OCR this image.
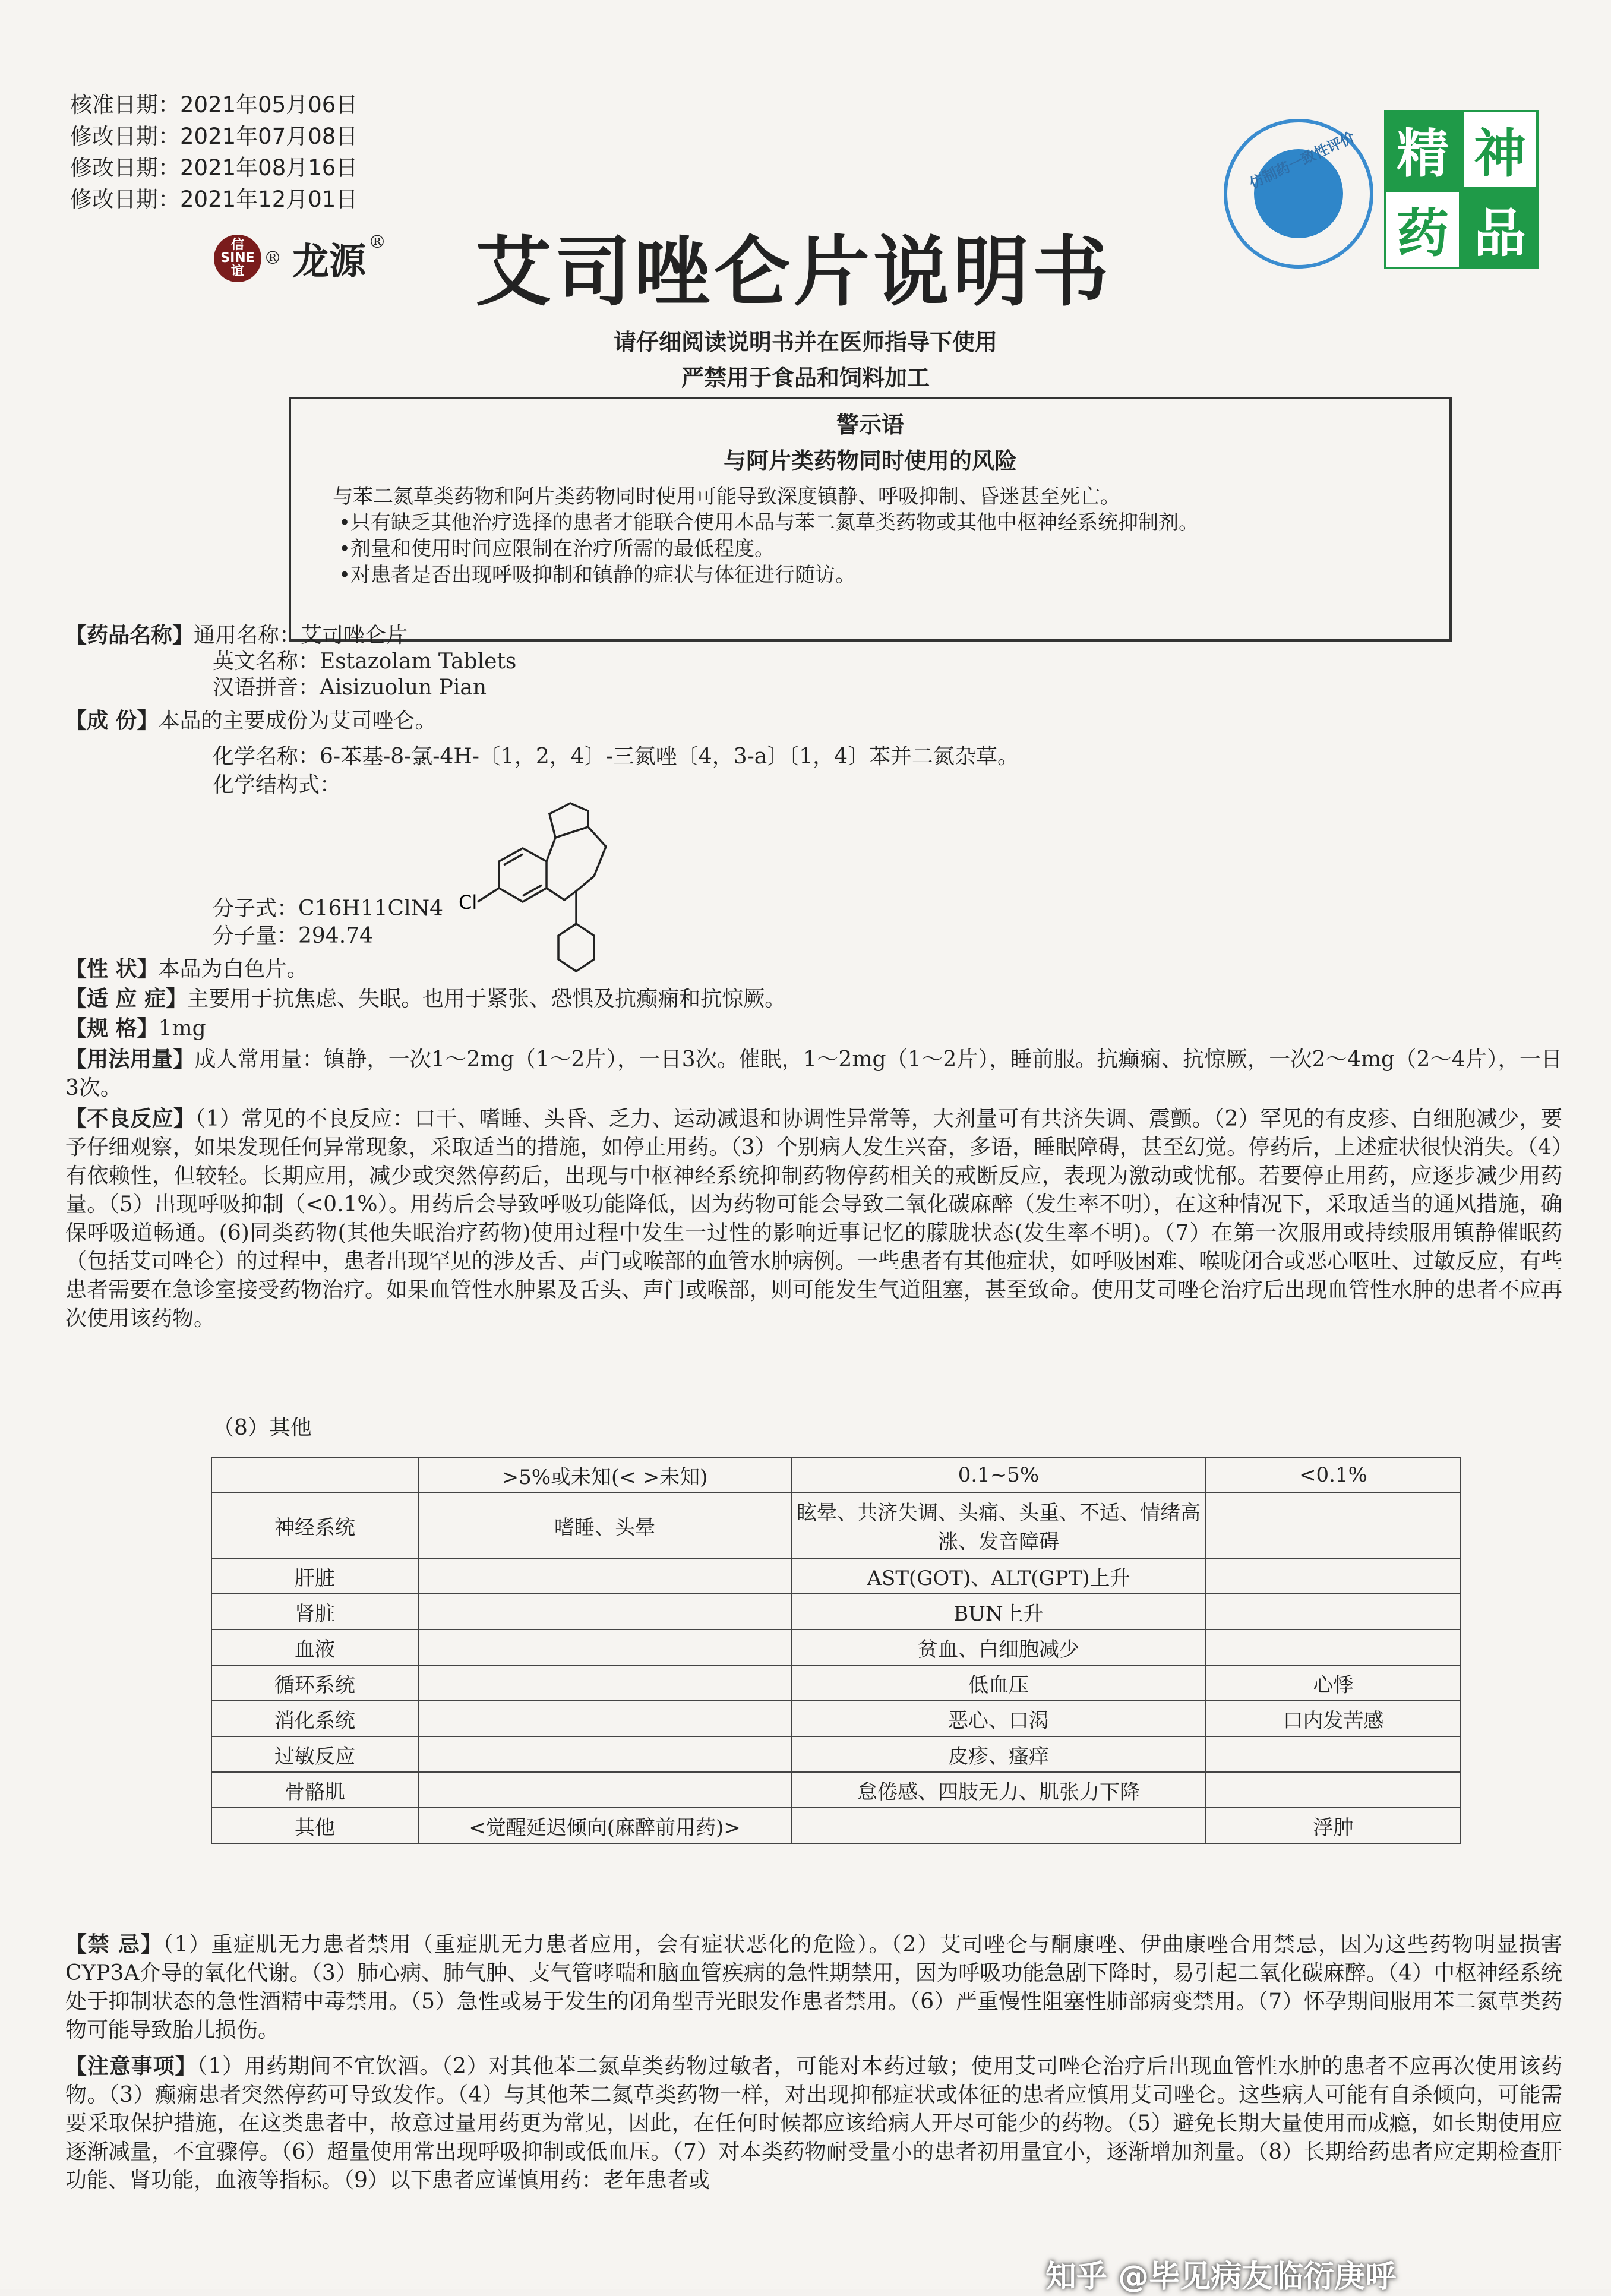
核准日期：2021年05月06日
修改日期：2021年07月08日
修改日期：2021年08月16日
修改日期：2021年12月01日
信
SINE
谊
® 龙源 ® 艾司唑仑片说明书
请仔细阅读说明书并在医师指导下使用
严禁用于食品和饲料加工
仿制药一致性评价 精 神
药 品
警示语
与阿片类药物同时使用的风险
与苯二氮草类药物和阿片类药物同时使用可能导致深度镇静、呼吸抑制、昏迷甚至死亡。
•只有缺乏其他治疗选择的患者才能联合使用本品与苯二氮草类药物或其他中枢神经系统抑制剂。
•剂量和使用时间应限制在治疗所需的最低程度。
•对患者是否出现呼吸抑制和镇静的症状与体征进行随访。
【药品名称】通用名称：艾司唑仑片
英文名称：Estazolam Tablets
汉语拼音：Aisizuolun Pian
【成 份】本品的主要成份为艾司唑仑。
化学名称：6-苯基-8-氯-4H-〔1，2，4〕-三氮唑〔4，3-a〕〔1，4〕苯并二氮杂草。
化学结构式：
Cl
分子式：C16H11ClN4
分子量：294.74
【性 状】本品为白色片。
【适 应 症】主要用于抗焦虑、失眠。也用于紧张、恐惧及抗癫痫和抗惊厥。
【规 格】1mg
【用法用量】成人常用量：镇静，一次1～2mg（1～2片），一日3次。催眠，1～2mg（1～2片），睡前服。抗癫痫、抗惊厥，一次2～4mg（2～4片），一日3次。
【不良反应】（1）常见的不良反应：口干、嗜睡、头昏、乏力、运动减退和协调性异常等，大剂量可有共济失调、震颤。（2）罕见的有皮疹、白细胞减少，要予仔细观察，如果发现任何异常现象，采取适当的措施，如停止用药。（3）个别病人发生兴奋，多语，睡眠障碍，甚至幻觉。停药后，上述症状很快消失。（4）有依赖性，但较轻。长期应用，减少或突然停药后，出现与中枢神经系统抑制药物停药相关的戒断反应，表现为激动或忧郁。若要停止用药，应逐步减少用药量。（5）出现呼吸抑制（<0.1%）。用药后会导致呼吸功能降低，因为药物可能会导致二氧化碳麻醉（发生率不明），在这种情况下，采取适当的通风措施，确保呼吸道畅通。(6)同类药物(其他失眠治疗药物)使用过程中发生一过性的影响近事记忆的朦胧状态(发生率不明)。（7）在第一次服用或持续服用镇静催眠药（包括艾司唑仑）的过程中，患者出现罕见的涉及舌、声门或喉部的血管水肿病例。一些患者有其他症状，如呼吸困难、喉咙闭合或恶心呕吐、过敏反应，有些患者需要在急诊室接受药物治疗。如果血管性水肿累及舌头、声门或喉部，则可能发生气道阻塞，甚至致命。使用艾司唑仑治疗后出现血管性水肿的患者不应再次使用该药物。
（8）其他
	>5%或未知(< >未知)	0.1~5%	<0.1%
神经系统	嗜睡、头晕	眩晕、共济失调、头痛、头重、不适、情绪高涨、发音障碍	
肝脏		AST(GOT)、ALT(GPT)上升	
肾脏		BUN上升	
血液		贫血、白细胞减少	
循环系统		低血压	心悸
消化系统		恶心、口渴	口内发苦感
过敏反应		皮疹、瘙痒	
骨骼肌		怠倦感、四肢无力、肌张力下降	
其他	<觉醒延迟倾向(麻醉前用药)>		浮肿
【禁 忌】（1）重症肌无力患者禁用（重症肌无力患者应用，会有症状恶化的危险）。（2）艾司唑仑与酮康唑、伊曲康唑合用禁忌，因为这些药物明显损害CYP3A介导的氧化代谢。（3）肺心病、肺气肿、支气管哮喘和脑血管疾病的急性期禁用，因为呼吸功能急剧下降时，易引起二氧化碳麻醉。（4）中枢神经系统处于抑制状态的急性酒精中毒禁用。（5）急性或易于发生的闭角型青光眼发作患者禁用。（6）严重慢性阻塞性肺部病变禁用。（7）怀孕期间服用苯二氮草类药物可能导致胎儿损伤。
【注意事项】（1）用药期间不宜饮酒。（2）对其他苯二氮草类药物过敏者，可能对本药过敏；使用艾司唑仑治疗后出现血管性水肿的患者不应再次使用该药物。（3）癫痫患者突然停药可导致发作。（4）与其他苯二氮草类药物一样，对出现抑郁症状或体征的患者应慎用艾司唑仑。这些病人可能有自杀倾向，可能需要采取保护措施，在这类患者中，故意过量用药更为常见，因此，在任何时候都应该给病人开尽可能少的药物。（5）避免长期大量使用而成瘾，如长期使用应逐渐减量，不宜骤停。（6）超量使用常出现呼吸抑制或低血压。（7）对本类药物耐受量小的患者初用量宜小，逐渐增加剂量。（8）长期给药患者应定期检查肝功能、肾功能，血液等指标。（9）以下患者应谨慎用药：老年患者或
知乎 @毕见病友临衍庚呼
